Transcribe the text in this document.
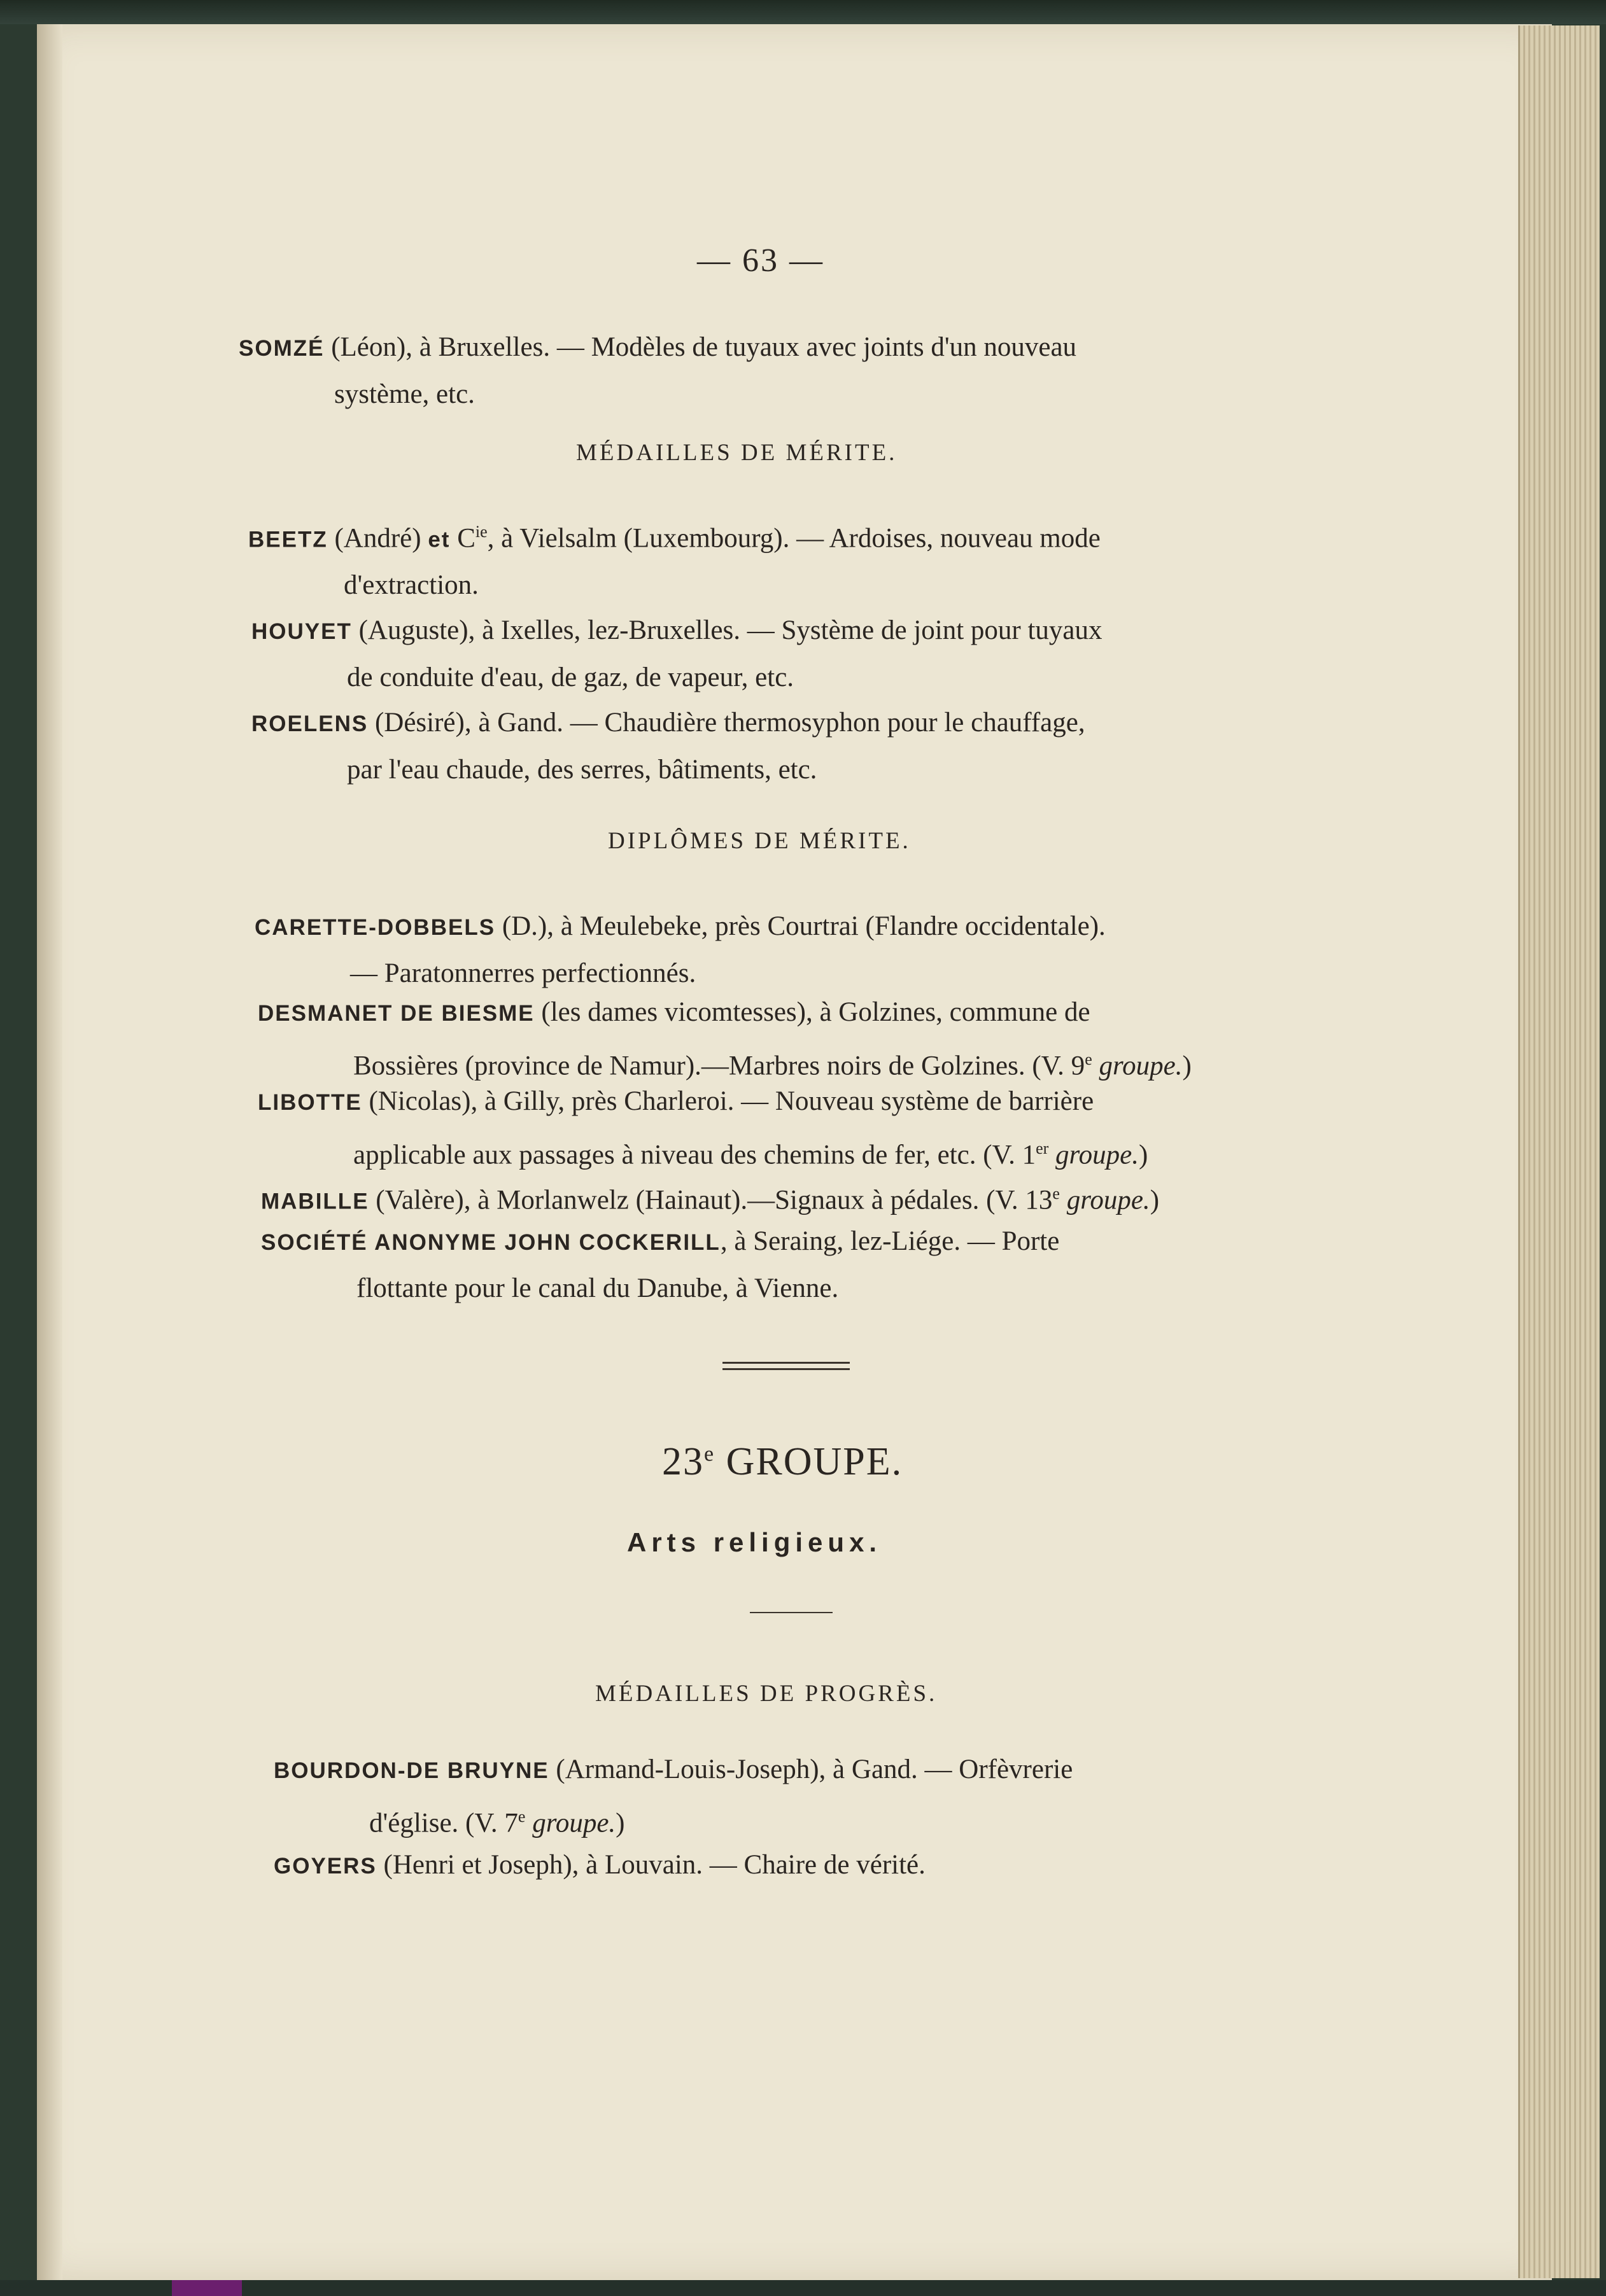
— 63 —
SOMZÉ (Léon), à Bruxelles. — Modèles de tuyaux avec joints d'un nouveau
système, etc.
MÉDAILLES DE MÉRITE.
BEETZ (André) et $C^{ie}$, à Vielsalm (Luxembourg). — Ardoises, nouveau mode
d'extraction.
HOUYET (Auguste), à Ixelles, lez-Bruxelles. — Système de joint pour tuyaux
de conduite d'eau, de gaz, de vapeur, etc.
ROELENS (Désiré), à Gand. — Chaudière thermosyphon pour le chauffage,
par l'eau chaude, des serres, bâtiments, etc.
DIPLÔMES DE MÉRITE.
CARETTE-DOBBELS (D.), à Meulebeke, près Courtrai (Flandre occidentale).
— Paratonnerres perfectionnés.
DESMANET DE BIESME (les dames vicomtesses), à Golzines, commune de
Bossières (province de Namur).—Marbres noirs de Golzines. (V. 9e groupe.)
LIBOTTE (Nicolas), à Gilly, près Charleroi. — Nouveau système de barrière
applicable aux passages à niveau des chemins de fer, etc. (V. 1er groupe.)
MABILLE (Valère), à Morlanwelz (Hainaut).—Signaux à pédales. (V. 13e groupe.)
SOCIÉTÉ ANONYME JOHN COCKERILL, à Seraing, lez-Liége. — Porte
flottante pour le canal du Danube, à Vienne.
23e GROUPE.
Arts religieux.
MÉDAILLES DE PROGRÈS.
BOURDON-DE BRUYNE (Armand-Louis-Joseph), à Gand. — Orfèvrerie
d'église. (V. 7e groupe.)
GOYERS (Henri et Joseph), à Louvain. — Chaire de vérité.
